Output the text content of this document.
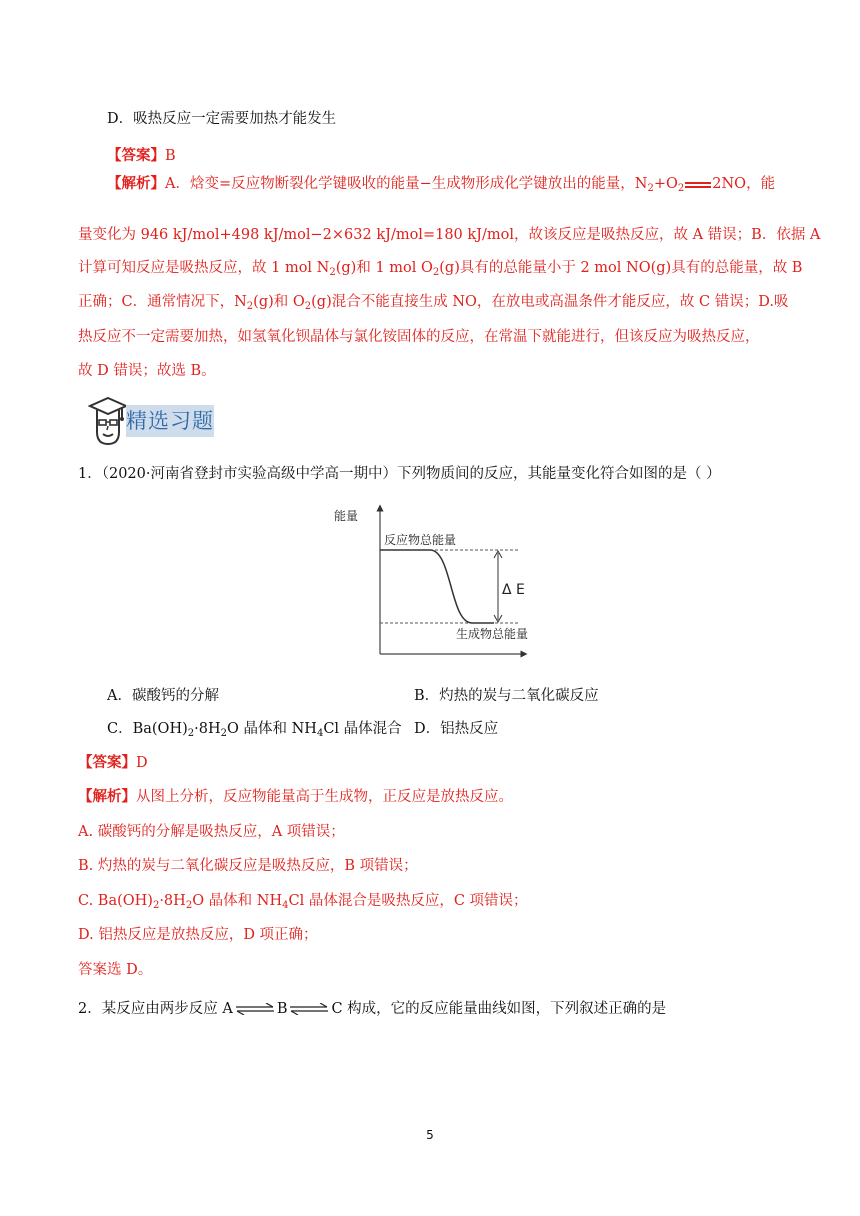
D．吸热反应一定需要加热才能发生
【答案】B
【解析】A．焓变=反应物断裂化学键吸收的能量−生成物形成化学键放出的能量，$N_2+O_2$ 2NO，能
量变化为 946 kJ/mol+498 kJ/mol−2×632 kJ/mol=180 kJ/mol，故该反应是吸热反应，故 A 错误；B．依据 A
计算可知反应是吸热反应，故 1 mol $N_2(g)$和 1 mol $O_2(g)$具有的总能量小于 2 mol NO(g)具有的总能量，故 B
正确；C．通常情况下，$N_2(g)$和 $O_2(g)$混合不能直接生成 NO，在放电或高温条件才能反应，故 C 错误；D.吸
热反应不一定需要加热，如氢氧化钡晶体与氯化铵固体的反应，在常温下就能进行，但该反应为吸热反应，
故 D 错误；故选 B。
精选习题
1．（2020·河南省登封市实验高级中学高一期中）下列物质间的反应，其能量变化符合如图的是（ ）
能量
反应物总能量
生成物总能量
Δ E
A．碳酸钙的分解	B．灼热的炭与二氧化碳反应
C．$Ba(OH)_2\cdot 8H_2O$ 晶体和 $NH_4Cl$ 晶体混合 D．铝热反应
【答案】D
【解析】从图上分析，反应物能量高于生成物，正反应是放热反应。
A. 碳酸钙的分解是吸热反应，A 项错误；
B. 灼热的炭与二氧化碳反应是吸热反应，B 项错误；
C. $Ba(OH)_2\cdot 8H_2O$ 晶体和 $NH_4Cl$ 晶体混合是吸热反应，C 项错误；
D. 铝热反应是放热反应，D 项正确；
答案选 D。
2．某反应由两步反应 A ⇌ B ⇌ C 构成，它的反应能量曲线如图，下列叙述正确的是
5
